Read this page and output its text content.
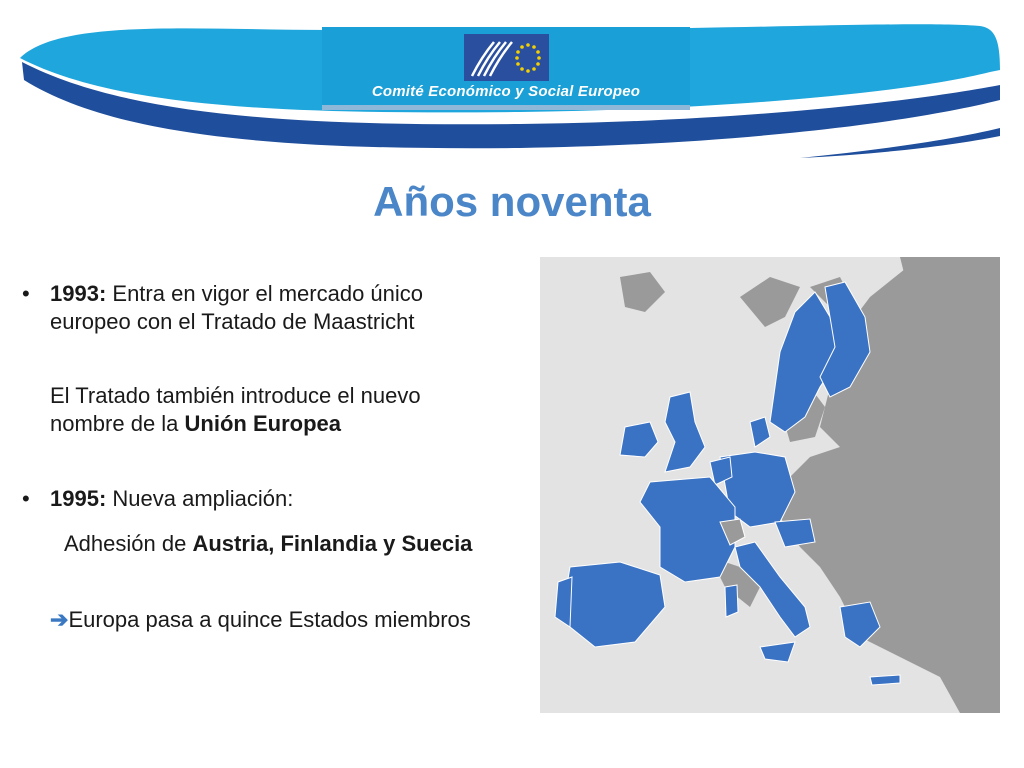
Comité Económico y Social Europeo
Años noventa
• 1993: Entra en vigor el mercado único
europeo con el Tratado de Maastricht
El Tratado también introduce el nuevo
nombre de la Unión Europea
• 1995: Nueva ampliación:
Adhesión de Austria, Finlandia y Suecia
➔Europa pasa a quince Estados miembros
